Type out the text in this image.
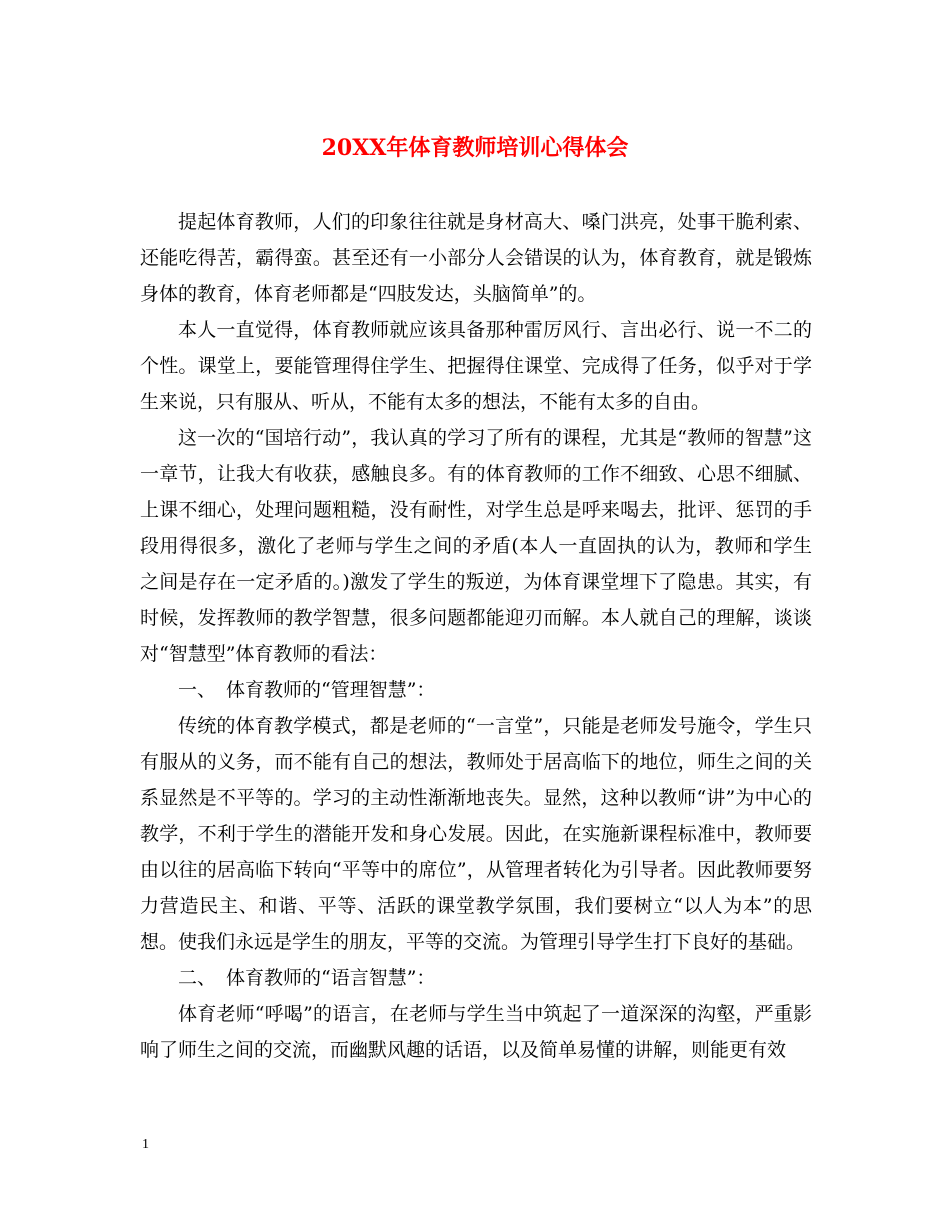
20XX年体育教师培训心得体会

提起体育教师，人们的印象往往就是身材高大、嗓门洪亮，处事干脆利索、还能吃得苦，霸得蛮。甚至还有一小部分人会错误的认为，体育教育，就是锻炼身体的教育，体育老师都是“四肢发达，头脑简单”的。

本人一直觉得，体育教师就应该具备那种雷厉风行、言出必行、说一不二的个性。课堂上，要能管理得住学生、把握得住课堂、完成得了任务，似乎对于学生来说，只有服从、听从，不能有太多的想法，不能有太多的自由。

这一次的“国培行动”，我认真的学习了所有的课程，尤其是“教师的智慧”这一章节，让我大有收获，感触良多。有的体育教师的工作不细致、心思不细腻、上课不细心，处理问题粗糙，没有耐性，对学生总是呼来喝去，批评、惩罚的手段用得很多，激化了老师与学生之间的矛盾(本人一直固执的认为，教师和学生之间是存在一定矛盾的。)激发了学生的叛逆，为体育课堂埋下了隐患。其实，有时候，发挥教师的教学智慧，很多问题都能迎刃而解。本人就自己的理解，谈谈对“智慧型”体育教师的看法：

一、 体育教师的“管理智慧”：

传统的体育教学模式，都是老师的“一言堂”，只能是老师发号施令，学生只有服从的义务，而不能有自己的想法，教师处于居高临下的地位，师生之间的关系显然是不平等的。学习的主动性渐渐地丧失。显然，这种以教师“讲”为中心的教学，不利于学生的潜能开发和身心发展。因此，在实施新课程标准中，教师要由以往的居高临下转向“平等中的席位”，从管理者转化为引导者。因此教师要努力营造民主、和谐、平等、活跃的课堂教学氛围，我们要树立“以人为本”的思想。使我们永远是学生的朋友，平等的交流。为管理引导学生打下良好的基础。

二、 体育教师的“语言智慧”：

体育老师“呼喝”的语言，在老师与学生当中筑起了一道深深的沟壑，严重影响了师生之间的交流，而幽默风趣的话语，以及简单易懂的讲解，则能更有效

1
